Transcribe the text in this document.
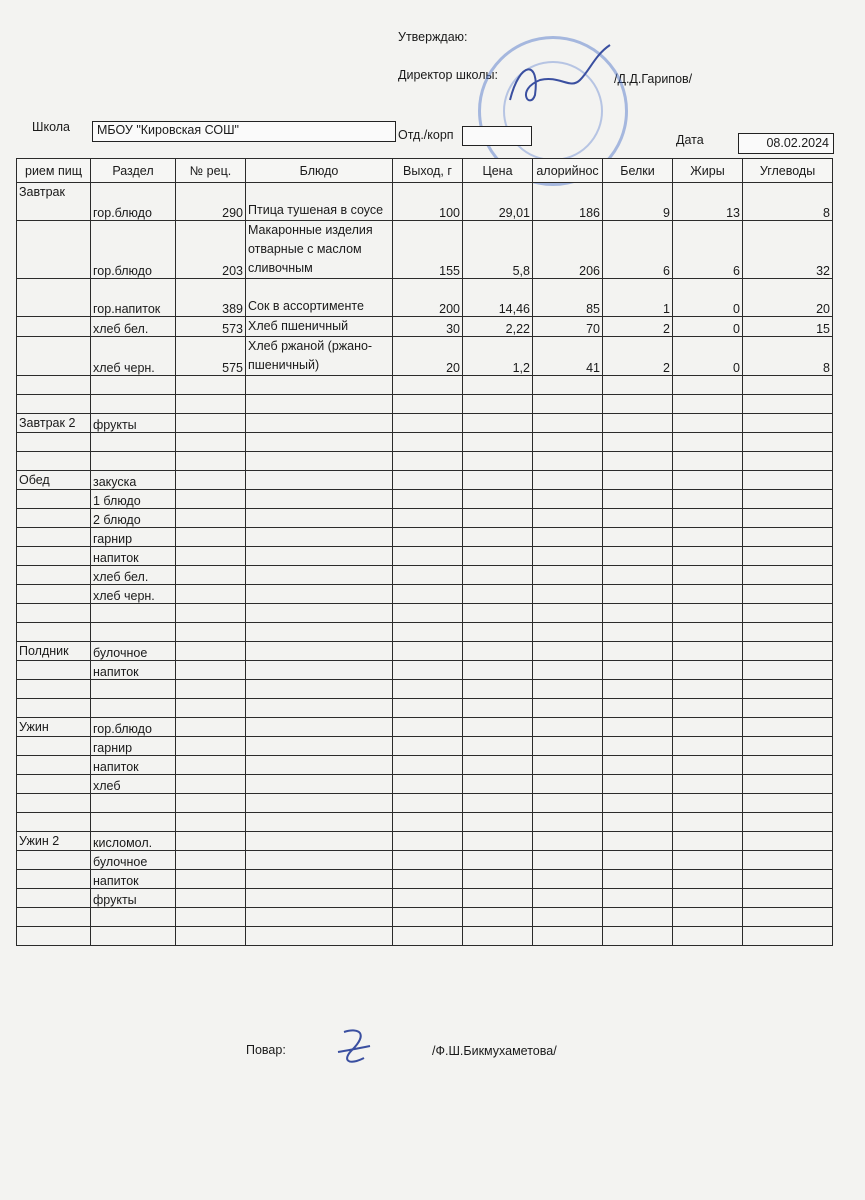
Утверждаю:
Директор школы:	/Д.Д.Гарипов/
Школа	МБОУ "Кировская СОШ"	Отд./корп	Дата	08.02.2024
рием пищ	Раздел	№ рец.	Блюдо	Выход, г	Цена	алорийнос	Белки	Жиры	Углеводы
Завтрак	гор.блюдо	290	Птица тушеная в соусе	100	29,01	186	9	13	8
	гор.блюдо	203	Макаронные изделия отварные с маслом сливочным	155	5,8	206	6	6	32
	гор.напиток	389	Сок в ассортименте	200	14,46	85	1	0	20
	хлеб бел.	573	Хлеб пшеничный	30	2,22	70	2	0	15
	хлеб черн.	575	Хлеб ржаной (ржано-пшеничный)	20	1,2	41	2	0	8

Завтрак 2	фрукты								

Обед	закуска								
	1 блюдо								
	2 блюдо								
	гарнир								
	напиток								
	хлеб бел.								
	хлеб черн.								

Полдник	булочное								
	напиток								

Ужин	гор.блюдо								
	гарнир								
	напиток								
	хлеб								

Ужин 2	кисломол.								
	булочное								
	напиток								
	фрукты								

Повар:	/Ф.Ш.Бикмухаметова/
